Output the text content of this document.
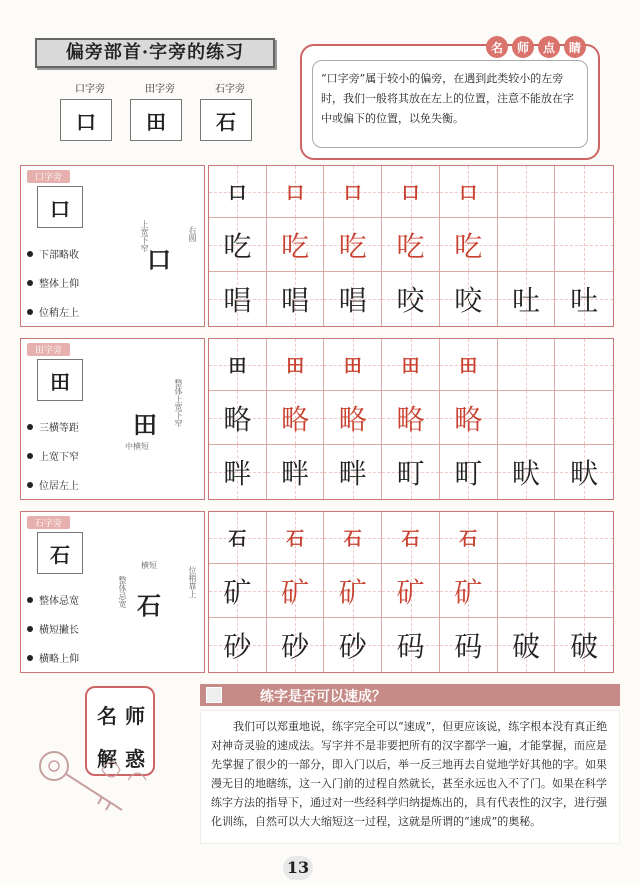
偏旁部首·字旁的练习
口字旁
口
田字旁
田
石字旁
石
名	师	点	睛
“口字旁”属于较小的偏旁，在遇到此类较小的左旁时，我们一般将其放在左上的位置，注意不能放在字中或偏下的位置，以免失衡。
口字旁
口
下部略收
整体上仰
位稍左上
上宽下窄
口
右圆
口 口 口 口 口
吃 吃 吃 吃 吃
唱 唱 唱 咬 咬 吐 吐
田字旁
田
三横等距
上宽下窄
位居左上
田 整体上宽下窄
中横短
田 田 田 田 田
略 略 略 略 略
畔 畔 畔 町 町 畎 畎
石字旁
石
整体忌宽
横短撇长
横略上仰
整体忌宽 石
位稍靠上
横短
石 石 石 石 石
矿 矿 矿 矿 矿
砂 砂 砂 码 码 破 破
名 师
解 惑
练字是否可以速成？
我们可以郑重地说，练字完全可以“速成”，但更应该说，练字根本没有真正绝对神奇灵验的速成法。写字并不是非要把所有的汉字都学一遍，才能掌握，而应是先掌握了很少的一部分，即入门以后，举一反三地再去自觉地学好其他的字。如果漫无目的地瞎练，这一入门前的过程自然就长，甚至永远也入不了门。如果在科学练字方法的指导下，通过对一些经科学归纳提炼出的，具有代表性的汉字，进行强化训练，自然可以大大缩短这一过程，这就是所谓的“速成”的奥秘。
13
